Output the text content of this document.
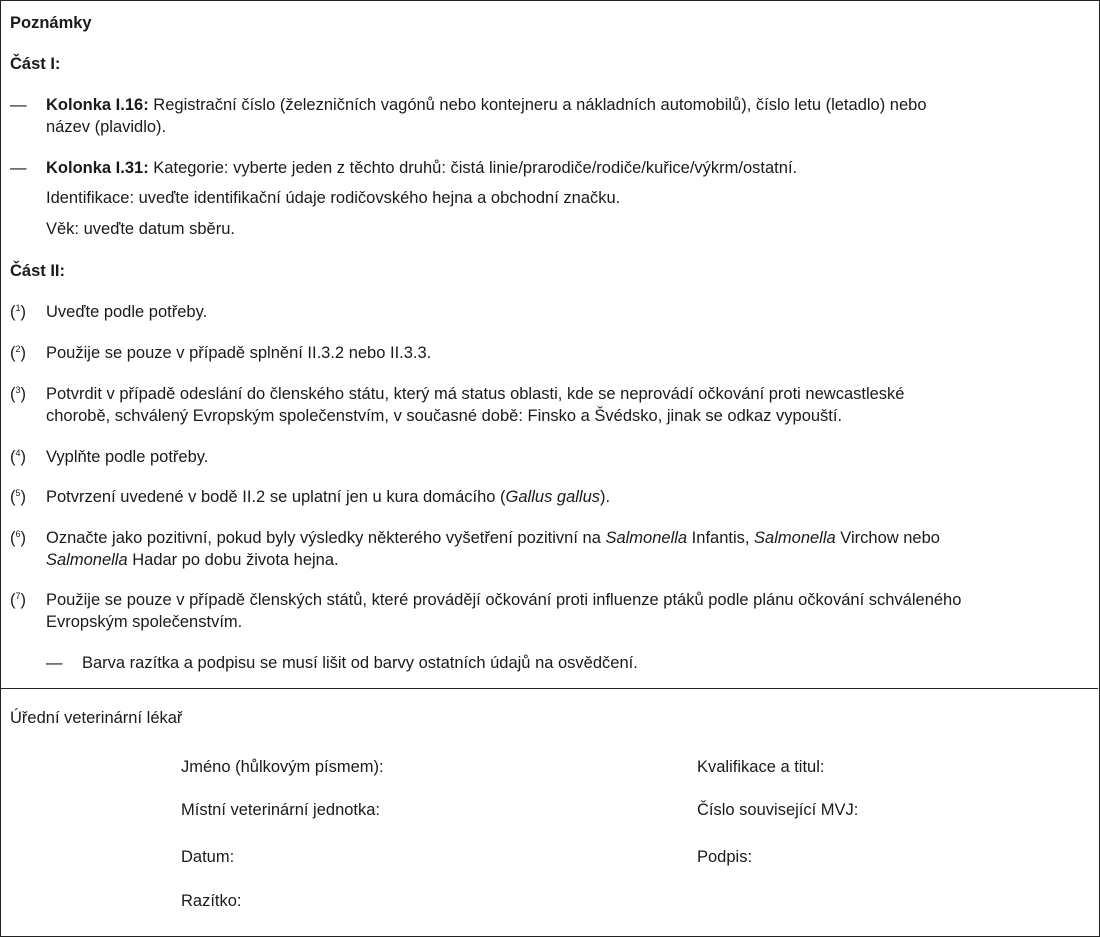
Poznámky
Část I:
— Kolonka I.16: Registrační číslo (železničních vagónů nebo kontejneru a nákladních automobilů), číslo letu (letadlo) nebo
název (plavidlo).
— Kolonka I.31: Kategorie: vyberte jeden z těchto druhů: čistá linie/prarodiče/rodiče/kuřice/výkrm/ostatní.
Identifikace: uveďte identifikační údaje rodičovského hejna a obchodní značku.
Věk: uveďte datum sběru.
Část II:
($^1$) Uveďte podle potřeby.
($^2$) Použije se pouze v případě splnění II.3.2 nebo II.3.3.
($^3$) Potvrdit v případě odeslání do členského státu, který má status oblasti, kde se neprovádí očkování proti newcastleské
chorobě, schválený Evropským společenstvím, v současné době: Finsko a Švédsko, jinak se odkaz vypouští.
($^4$) Vyplňte podle potřeby.
($^5$) Potvrzení uvedené v bodě II.2 se uplatní jen u kura domácího (Gallus gallus).
($^6$) Označte jako pozitivní, pokud byly výsledky některého vyšetření pozitivní na Salmonella Infantis, Salmonella Virchow nebo
Salmonella Hadar po dobu života hejna.
($^7$) Použije se pouze v případě členských států, které provádějí očkování proti influenze ptáků podle plánu očkování schváleného
Evropským společenstvím.
— Barva razítka a podpisu se musí lišit od barvy ostatních údajů na osvědčení.
Úřední veterinární lékař
Jméno (hůlkovým písmem):	Kvalifikace a titul:
Místní veterinární jednotka:	Číslo související MVJ:
Datum:	Podpis:
Razítko:
